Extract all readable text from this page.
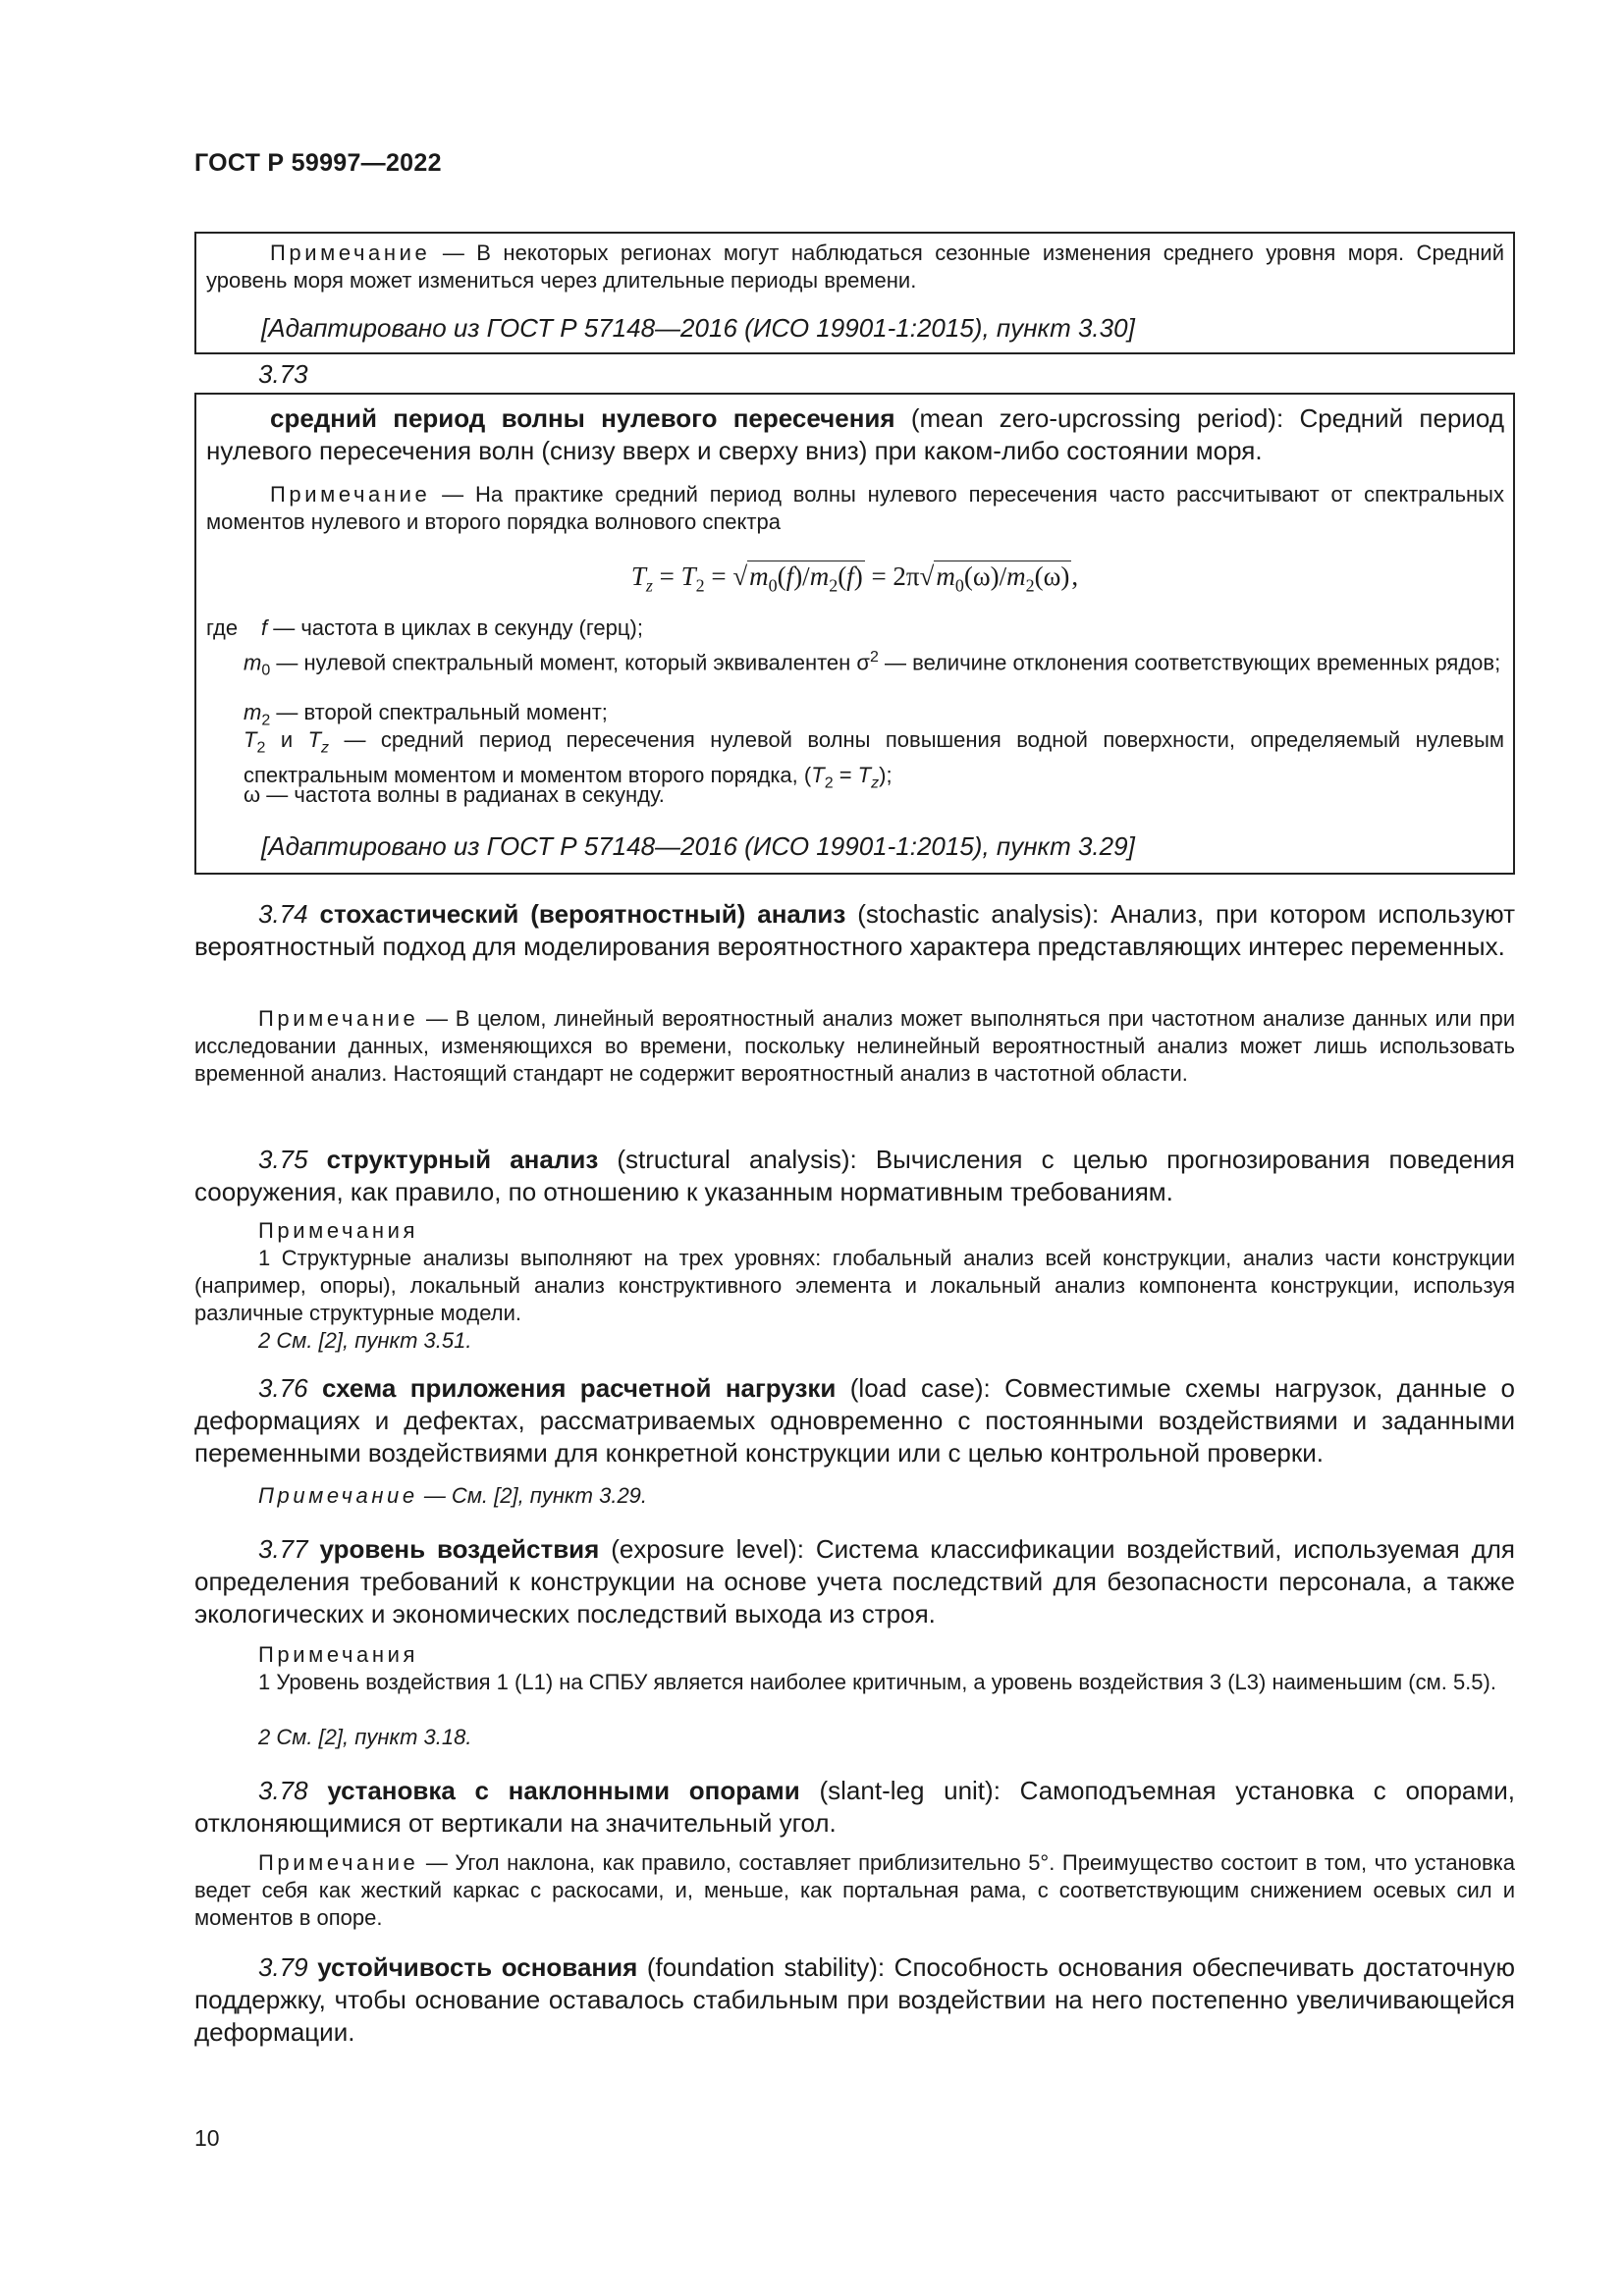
ГОСТ Р 59997—2022

Примечание — В некоторых регионах могут наблюдаться сезонные изменения среднего уровня моря. Средний уровень моря может измениться через длительные периоды времени.

[Адаптировано из ГОСТ Р 57148—2016 (ИСО 19901-1:2015), пункт 3.30]

3.73

средний период волны нулевого пересечения (mean zero-upcrossing period): Средний период нулевого пересечения волн (снизу вверх и сверху вниз) при каком-либо состоянии моря.

Примечание — На практике средний период волны нулевого пересечения часто рассчитывают от спектральных моментов нулевого и второго порядка волнового спектра

$T_z = T_2 = √m_0(f)/m_2(f) = 2\pi√m_0(\omega)/m_2(\omega)$,
где f — частота в циклах в секунду (герц);

$m_0$ — нулевой спектральный момент, который эквивалентен $\sigma^2$ — величине отклонения соответствующих временных рядов;

$m_2$ — второй спектральный момент;

$T_2$ и $T_z$ — средний период пересечения нулевой волны повышения водной поверхности, определяемый нулевым спектральным моментом и моментом второго порядка, $(T_2 = T_z)$;

ω — частота волны в радианах в секунду.

[Адаптировано из ГОСТ Р 57148—2016 (ИСО 19901-1:2015), пункт 3.29]

3.74 стохастический (вероятностный) анализ (stochastic analysis): Анализ, при котором используют вероятностный подход для моделирования вероятностного характера представляющих интерес переменных.

Примечание — В целом, линейный вероятностный анализ может выполняться при частотном анализе данных или при исследовании данных, изменяющихся во времени, поскольку нелинейный вероятностный анализ может лишь использовать временной анализ. Настоящий стандарт не содержит вероятностный анализ в частотной области.

3.75 структурный анализ (structural analysis): Вычисления с целью прогнозирования поведения сооружения, как правило, по отношению к указанным нормативным требованиям.

Примечания

1 Структурные анализы выполняют на трех уровнях: глобальный анализ всей конструкции, анализ части конструкции (например, опоры), локальный анализ конструктивного элемента и локальный анализ компонента конструкции, используя различные структурные модели.

2 См. [2], пункт 3.51.

3.76 схема приложения расчетной нагрузки (load case): Совместимые схемы нагрузок, данные о деформациях и дефектах, рассматриваемых одновременно с постоянными воздействиями и заданными переменными воздействиями для конкретной конструкции или с целью контрольной проверки.

Примечание — См. [2], пункт 3.29.

3.77 уровень воздействия (exposure level): Система классификации воздействий, используемая для определения требований к конструкции на основе учета последствий для безопасности персонала, а также экологических и экономических последствий выхода из строя.

Примечания

1 Уровень воздействия 1 (L1) на СПБУ является наиболее критичным, а уровень воздействия 3 (L3) наименьшим (см. 5.5).

2 См. [2], пункт 3.18.

3.78 установка с наклонными опорами (slant-leg unit): Самоподъемная установка с опорами, отклоняющимися от вертикали на значительный угол.

Примечание — Угол наклона, как правило, составляет приблизительно 5°. Преимущество состоит в том, что установка ведет себя как жесткий каркас с раскосами, и, меньше, как портальная рама, с соответствующим снижением осевых сил и моментов в опоре.

3.79 устойчивость основания (foundation stability): Способность основания обеспечивать достаточную поддержку, чтобы основание оставалось стабильным при воздействии на него постепенно увеличивающейся деформации.

10
